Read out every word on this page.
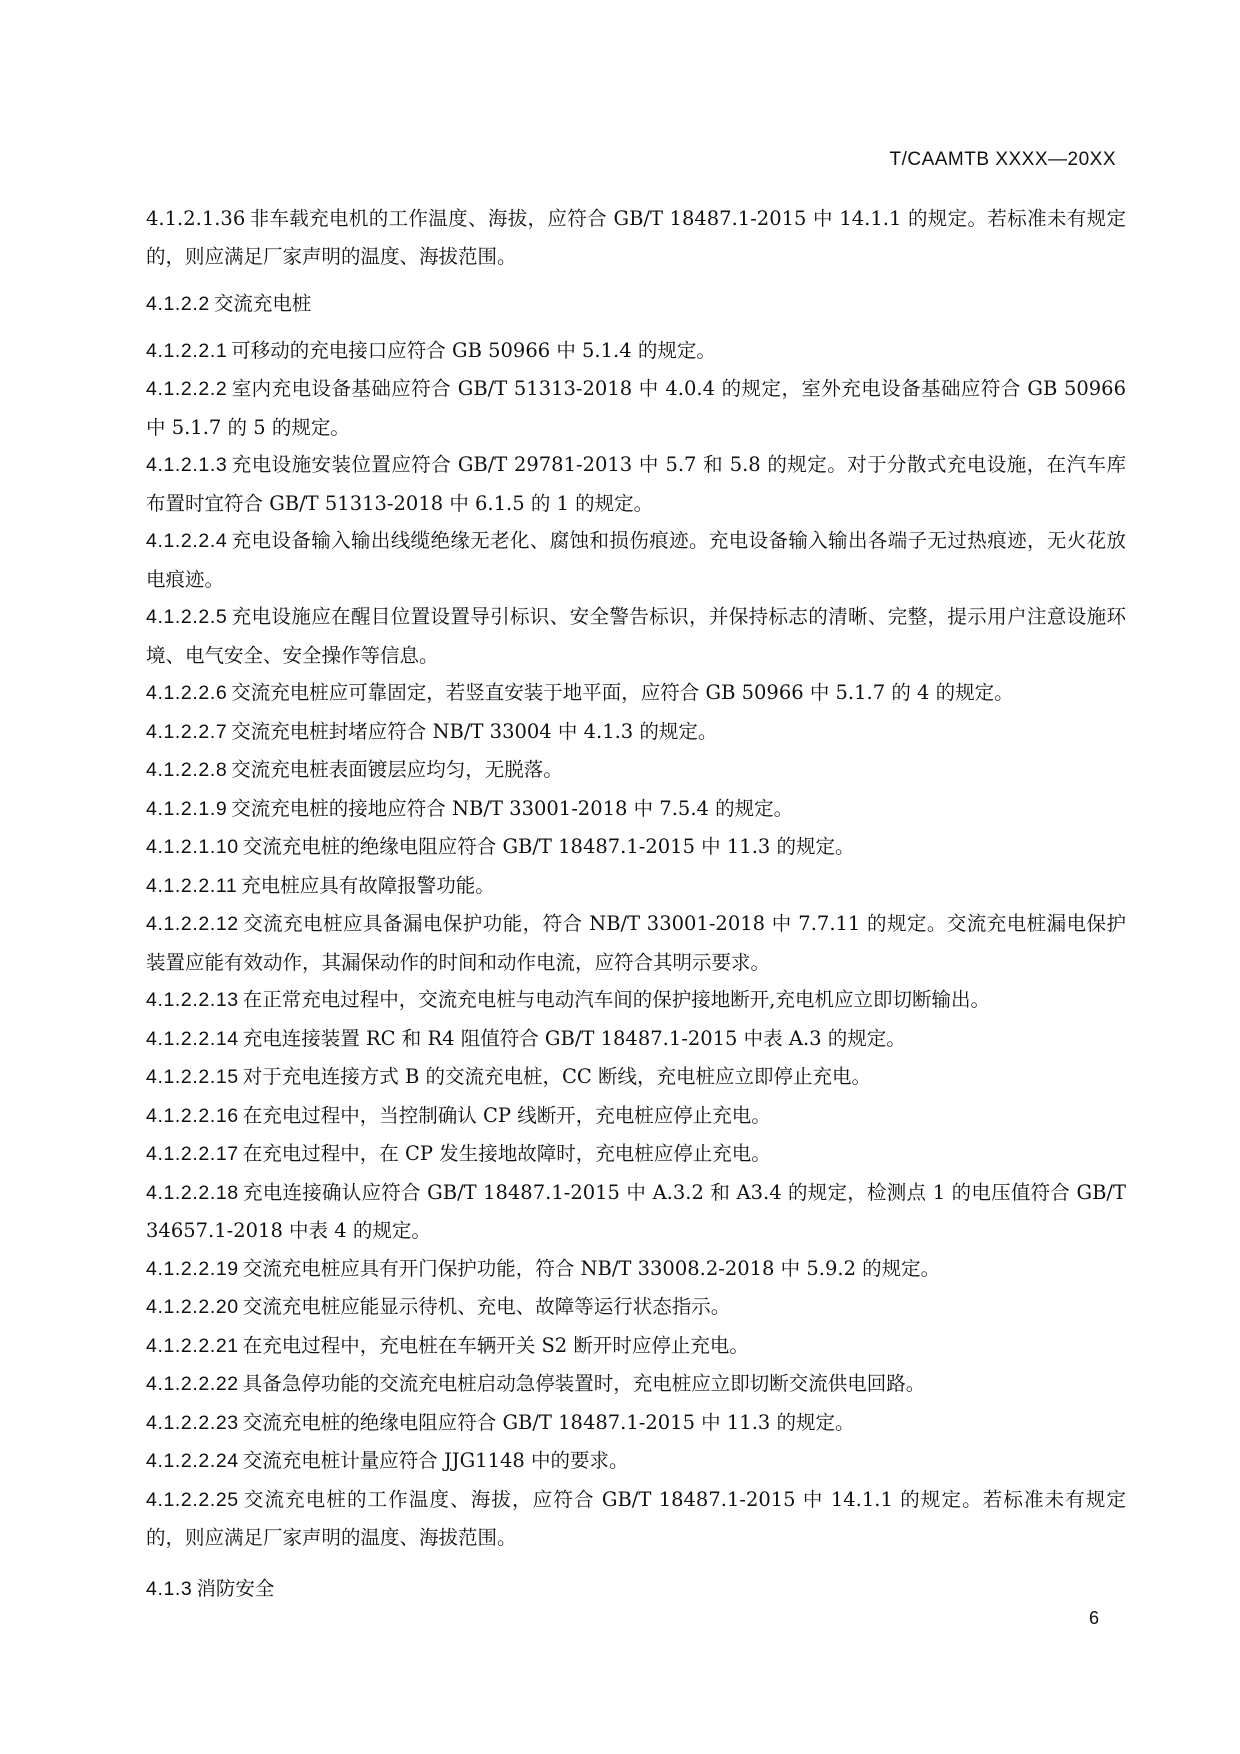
T/CAAMTB XXXX—20XX

4.1.2.1.36 非车载充电机的工作温度、海拔，应符合 GB/T 18487.1-2015 中 14.1.1 的规定。若标准未有规定的，则应满足厂家声明的温度、海拔范围。

4.1.2.2 交流充电桩

4.1.2.2.1 可移动的充电接口应符合 GB 50966 中 5.1.4 的规定。

4.1.2.2.2 室内充电设备基础应符合 GB/T 51313-2018 中 4.0.4 的规定，室外充电设备基础应符合 GB 50966 中 5.1.7 的 5 的规定。

4.1.2.1.3 充电设施安装位置应符合 GB/T 29781-2013 中 5.7 和 5.8 的规定。对于分散式充电设施，在汽车库布置时宜符合 GB/T 51313-2018 中 6.1.5 的 1 的规定。

4.1.2.2.4 充电设备输入输出线缆绝缘无老化、腐蚀和损伤痕迹。充电设备输入输出各端子无过热痕迹，无火花放电痕迹。

4.1.2.2.5 充电设施应在醒目位置设置导引标识、安全警告标识，并保持标志的清晰、完整，提示用户注意设施环境、电气安全、安全操作等信息。

4.1.2.2.6 交流充电桩应可靠固定，若竖直安装于地平面，应符合 GB 50966 中 5.1.7 的 4 的规定。

4.1.2.2.7 交流充电桩封堵应符合 NB/T 33004 中 4.1.3 的规定。

4.1.2.2.8 交流充电桩表面镀层应均匀，无脱落。

4.1.2.1.9 交流充电桩的接地应符合 NB/T 33001-2018 中 7.5.4 的规定。

4.1.2.1.10 交流充电桩的绝缘电阻应符合 GB/T 18487.1-2015 中 11.3 的规定。

4.1.2.2.11 充电桩应具有故障报警功能。

4.1.2.2.12 交流充电桩应具备漏电保护功能，符合 NB/T 33001-2018 中 7.7.11 的规定。交流充电桩漏电保护装置应能有效动作，其漏保动作的时间和动作电流，应符合其明示要求。

4.1.2.2.13 在正常充电过程中，交流充电桩与电动汽车间的保护接地断开,充电机应立即切断输出。

4.1.2.2.14 充电连接装置 RC 和 R4 阻值符合 GB/T 18487.1-2015 中表 A.3 的规定。

4.1.2.2.15 对于充电连接方式 B 的交流充电桩，CC 断线，充电桩应立即停止充电。

4.1.2.2.16 在充电过程中，当控制确认 CP 线断开，充电桩应停止充电。

4.1.2.2.17 在充电过程中，在 CP 发生接地故障时，充电桩应停止充电。

4.1.2.2.18 充电连接确认应符合 GB/T 18487.1-2015 中 A.3.2 和 A3.4 的规定，检测点 1 的电压值符合 GB/T 34657.1-2018 中表 4 的规定。

4.1.2.2.19 交流充电桩应具有开门保护功能，符合 NB/T 33008.2-2018 中 5.9.2 的规定。

4.1.2.2.20 交流充电桩应能显示待机、充电、故障等运行状态指示。

4.1.2.2.21 在充电过程中，充电桩在车辆开关 S2 断开时应停止充电。

4.1.2.2.22 具备急停功能的交流充电桩启动急停装置时，充电桩应立即切断交流供电回路。

4.1.2.2.23 交流充电桩的绝缘电阻应符合 GB/T 18487.1-2015 中 11.3 的规定。

4.1.2.2.24 交流充电桩计量应符合 JJG1148 中的要求。

4.1.2.2.25 交流充电桩的工作温度、海拔，应符合 GB/T 18487.1-2015 中 14.1.1 的规定。若标准未有规定的，则应满足厂家声明的温度、海拔范围。

4.1.3 消防安全

6
